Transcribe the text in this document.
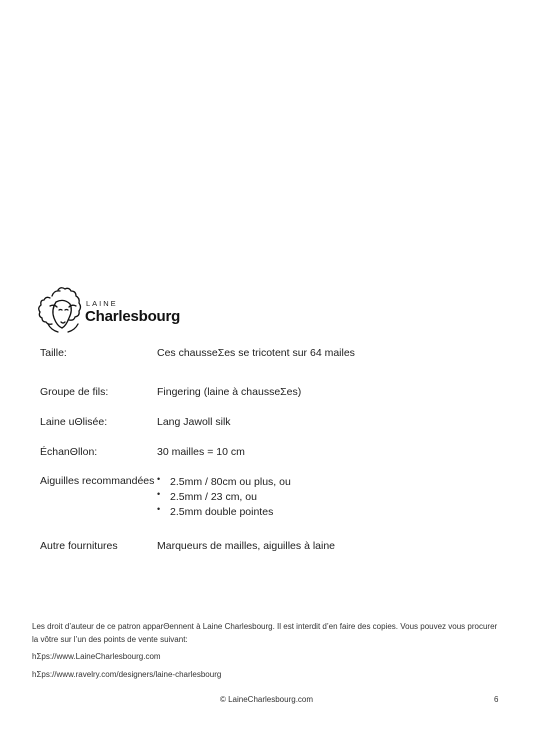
LAINE
Charlesbourg
Taille:	Ces chausseΣes se tricotent sur 64 mailes
Groupe de fils:	Fingering (laine à chausseΣes)
Laine uΘlisée:	Lang Jawoll silk
ÉchanΘllon:	30 mailles = 10 cm
Aiguilles recommandées • 2.5mm / 80cm ou plus, ou
• 2.5mm / 23 cm, ou
• 2.5mm double pointes
Autre fournitures	Marqueurs de mailles, aiguilles à laine
Les droit d’auteur de ce patron apparΘennent à Laine Charlesbourg. Il est interdit d’en faire des copies. Vous pouvez vous procurer la vôtre sur l’un des points de vente suivant:
hΣps://www.LaineCharlesbourg.com
hΣps://www.ravelry.com/designers/laine-charlesbourg
© LaineCharlesbourg.com	6
